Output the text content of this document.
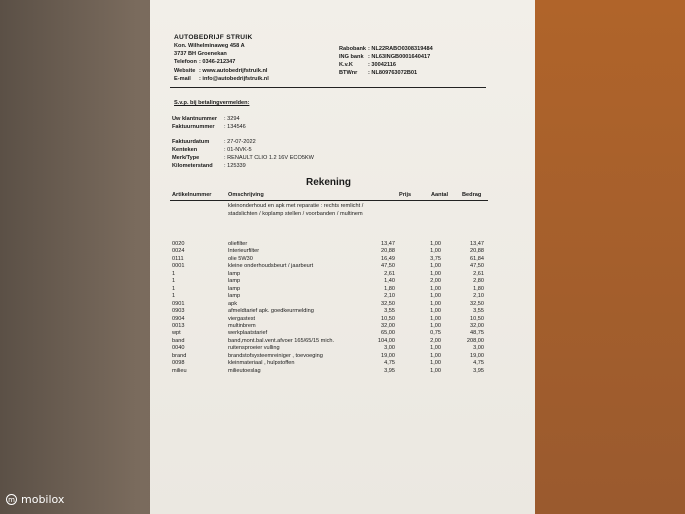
AUTOBEDRIJF STRUIK
Kon. Wilhelminaweg 458 A
3737 BH Groenekan
Telefoon : 0346-212347
Website : www.autobedrijfstruik.nl
E-mail : info@autobedrijfstruik.nl
Rabobank : NL22RABO0308319484
ING bank : NL63INGB0001640417
K.v.K	: 30042116
BTWnr : NL809763072B01
S.v.p. bij betalingvermelden:
Uw klantnummer : 3294
Faktuurnummer : 134546
Faktuurdatum	: 27-07-2022
Kenteken	: 01-NVK-5
Merk/Type	: RENAULT CLIO 1.2 16V ECO5KW
Kilometerstand : 125339
Rekening
Artikelnummer	Omschrijving	Prijs	Aantal Bedrag
kleinonderhoud en apk met reparatie : rechts remlicht /
stadslichten / koplamp stellen / voorbanden / multinem
0020	oliefilter	13,47	1,00	13,47
0024	Interieurfilter	20,88	1,00	20,88
0111	olie 5W30	16,49	3,75	61,84
0001	kleine onderhoudsbeurt / jaarbeurt	47,50	1,00	47,50
1	lamp	2,61	1,00	2,61
1	lamp	1,40	2,00	2,80
1	lamp	1,80	1,00	1,80
1	lamp	2,10	1,00	2,10
0901	apk	32,50	1,00	32,50
0903	afmeldtarief apk. goedkeurmelding	3,55	1,00	3,55
0904	viergastest	10,50	1,00	10,50
0013	multinbrem	32,00	1,00	32,00
wpt	werkplaatstarief	65,00	0,75	48,75
band	band,mont.bal.vent.afvoer 165/65/15 mich.	104,00	2,00	208,00
0040	ruitensproeier vulling	3,00	1,00	3,00
brand	brandstofsysteemreiniger , toevoeging	19,00	1,00	19,00
0098	kleinmateriaal , hulpstoffen	4,75	1,00	4,75
milieu	milieutoeslag	3,95	1,00	3,95
m mobilox
